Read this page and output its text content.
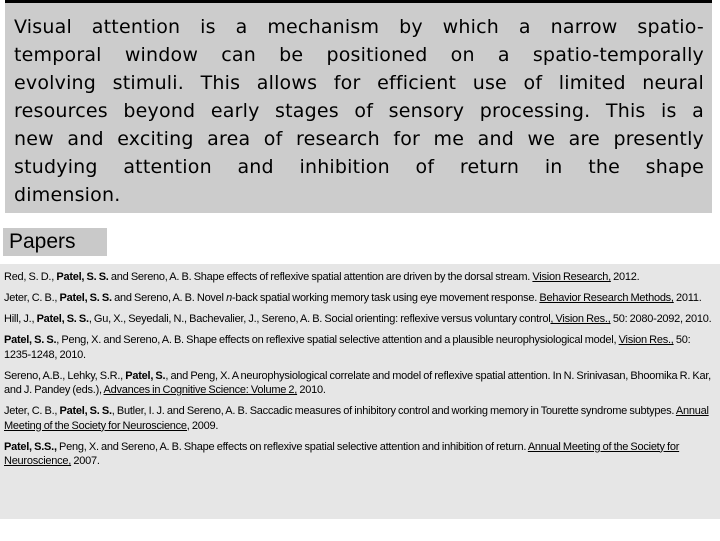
Visual attention is a mechanism by which a narrow spatio-
temporal window can be positioned on a spatio-temporally
evolving stimuli. This allows for efficient use of limited neural
resources beyond early stages of sensory processing. This is a
new and exciting area of research for me and we are presently
studying attention and inhibition of return in the shape
dimension.
Papers
Red, S. D., Patel, S. S. and Sereno, A. B. Shape effects of reflexive spatial attention are driven by the dorsal stream. Vision Research, 2012.
Jeter, C. B., Patel, S. S. and Sereno, A. B. Novel n-back spatial working memory task using eye movement response. Behavior Research Methods, 2011.
Hill, J., Patel, S. S., Gu, X., Seyedali, N., Bachevalier, J., Sereno, A. B. Social orienting: reflexive versus voluntary control, Vision Res., 50: 2080-2092, 2010.
Patel, S. S., Peng, X. and Sereno, A. B. Shape effects on reflexive spatial selective attention and a plausible neurophysiological model, Vision Res., 50: 1235-1248, 2010.
Sereno, A.B., Lehky, S.R., Patel, S., and Peng, X. A neurophysiological correlate and model of reflexive spatial attention. In N. Srinivasan, Bhoomika R. Kar, and J. Pandey (eds.), Advances in Cognitive Science: Volume 2, 2010.
Jeter, C. B., Patel, S. S., Butler, I. J. and Sereno, A. B. Saccadic measures of inhibitory control and working memory in Tourette syndrome subtypes. Annual Meeting of the Society for Neuroscience, 2009.
Patel, S.S., Peng, X. and Sereno, A. B. Shape effects on reflexive spatial selective attention and inhibition of return. Annual Meeting of the Society for Neuroscience, 2007.
